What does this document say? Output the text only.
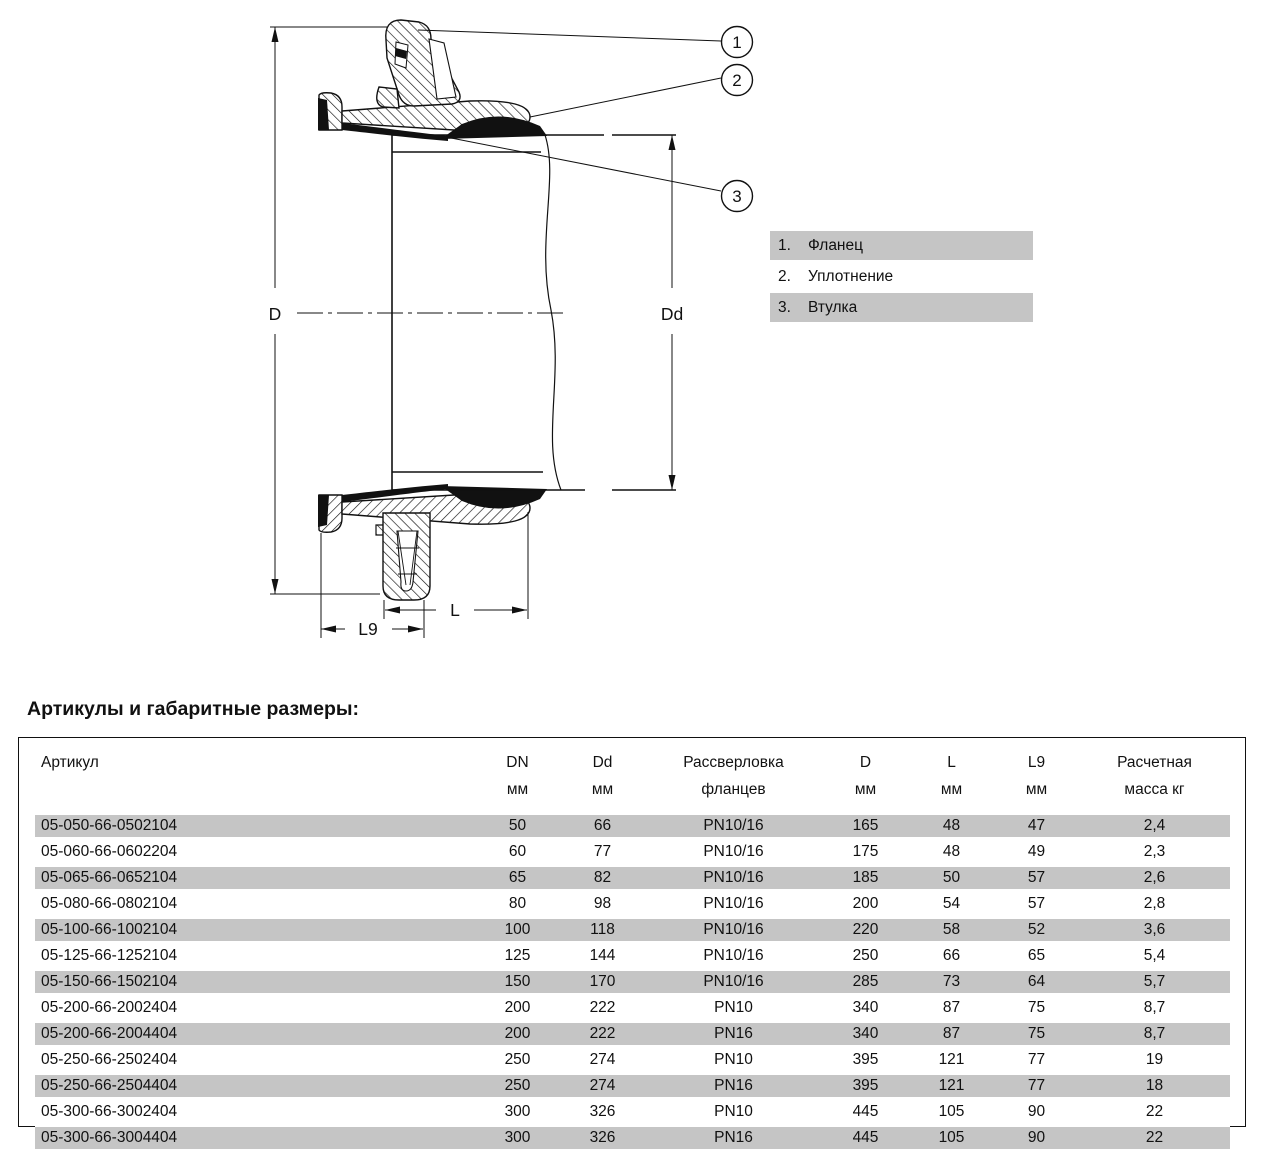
D	Dd
L
L9
1
2
3
1.	Фланец
2.	Уплотнение
3.	Втулка
Артикулы и габаритные размеры:
Артикул	DN	Dd	Рассверловка	D	L	L9	Расчетная
	мм	мм	фланцев	мм	мм	мм	масса кг
05-050-66-0502104	50	66	PN10/16	165	48	47	2,4
05-060-66-0602204	60	77	PN10/16	175	48	49	2,3
05-065-66-0652104	65	82	PN10/16	185	50	57	2,6
05-080-66-0802104	80	98	PN10/16	200	54	57	2,8
05-100-66-1002104	100	118	PN10/16	220	58	52	3,6
05-125-66-1252104	125	144	PN10/16	250	66	65	5,4
05-150-66-1502104	150	170	PN10/16	285	73	64	5,7
05-200-66-2002404	200	222	PN10	340	87	75	8,7
05-200-66-2004404	200	222	PN16	340	87	75	8,7
05-250-66-2502404	250	274	PN10	395	121	77	19
05-250-66-2504404	250	274	PN16	395	121	77	18
05-300-66-3002404	300	326	PN10	445	105	90	22
05-300-66-3004404	300	326	PN16	445	105	90	22
